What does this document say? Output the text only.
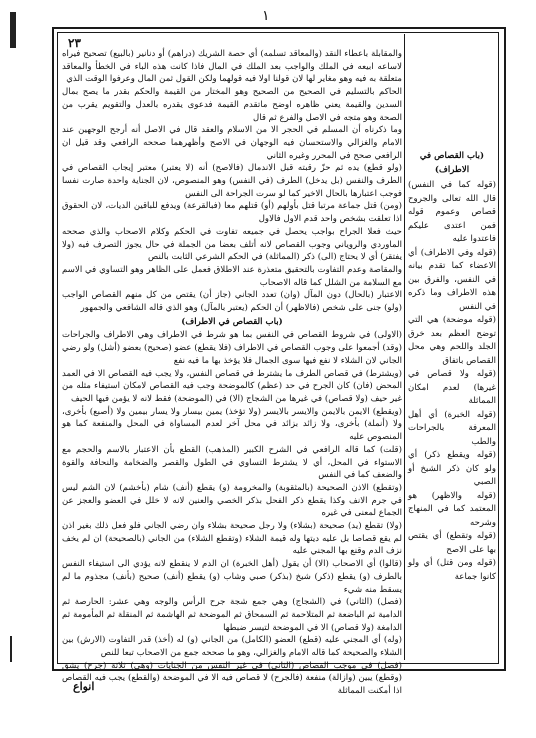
١
٢٣

والمقابلة باعطاء النقد (والمعاقد تسلمه) أي حصة الشريك (دراهم) أو دنانير (بالبيع) تصحيح فيراه لاساعه ابيعه في الملك والواجب بعد الملك في المال فاذا كانت هذه الباء في الخطأ والمعاقد متعلقة به فيه وهو مغاير لها لان قولنا اولا فيه قولهما ولكن القول ثمن المال وعرفوا الوقت الذي

الحاكم بالتسليم في الصحيح من الصحيح وهو المختار من القيمة والحكم بقدر ما يصح بمال السدين والقيمة يعني ظاهره اوضح ماتقدم القيمة فدعوى يقدره بالعدل والتقويم يقرب من الصحة وهو متجه في الاصل والفرع ثم قال

وما ذكرناه أن المسلم في الحجر الا من الاسلام والعقد قال في الاصل أنه أرجح الوجهين عند الامام والغزالي والاستحسان فيه الوجهان في الاصح وأظهرهما صححه الرافعي وقد قيل ان الرافعي صحح في المحرر وغيره الثاني

(ولو قطع) يده ثم حزّ رقبته قبل الاندمال (فالاصح) أنه (لا يعتبر) معتبر إيجاب القصاص في الطرف والنفس (بل يدخل) الطرف (في النفس) وهو المنصوص، لان الجناية واحدة صارت نفسا فوجب اعتبارها بالحال الاخير كما لو سرت الجراحة الى النفس

(ومن) قتل جماعة مرتبا قتل بأولهم (أو) قتلهم معا (فبالقرعة) ويدفع للباقين الديات، لان الحقوق اذا تعلقت بشخص واحد قدم الاول فالاول

حيث فعلا الجراح بواجب يحصل في جميعه تفاوت في الحكم وكلام الاصحاب والذي صححه الماوردي والروياني وجوب القصاص لانه أتلف بعضا من الجملة في حال يجوز التصرف فيه (ولا يفتقر) أي لا يحتاج (الى) ذكر (المماثلة) في الحكم الشرعي الثابت بالنص

والمقاصة وعدم التفاوت بالتحقيق متعذرة عند الاطلاق فعمل على الظاهر وهو التساوي في الاسم مع السلامة من الشلل كما قاله الاصحاب

الاعتبار (بالحال) دون المآل (وان) تعدد الجاني (جاز أن) يقتص من كل منهم القصاص الواجب (ولو) جنى على شخص (فالاظهر) أن الحكم (يعتبر بالمآل) وهو الذي قاله الشافعي والجمهور

(باب القصاص في الاطراف)

(الاولى) في شروط القصاص في النفس بما هو شرط في الاطراف وهي الاطراف والجراحات (وقد) أجمعوا على وجوب القصاص في الاطراف (فلا يقطع) عضو (صحيح) بعضو (أشل) ولو رضي الجاني لان الشلاء لا نفع فيها سوى الجمال فلا يؤخذ بها ما فيه نفع

(ويشترط) في قصاص الطرف ما يشترط في قصاص النفس، ولا يجب فيه القصاص الا في العمد المحض (فان) كان الجرح في حد (عظم) كالموضحة وجب فيه القصاص لامكان استيفاء مثله من غير حيف (ولا قصاص) في غيرها من الشجاج (الا) في (الموضحة) فقط لانه لا يؤمن فيها الحيف

(ويقطع) الايمن بالايمن والايسر بالايسر (ولا تؤخذ) يمين بيسار ولا يسار بيمين ولا (أصبع) بأخرى، ولا (أنملة) بأخرى، ولا زائد بزائد في محل آخر لعدم المساواة في المحل والمنفعة كما هو المنصوص عليه

(قلت) كما قاله الرافعي في الشرح الكبير (المذهب) القطع بأن الاعتبار بالاسم والحجم مع الاستواء في المحل، أي لا يشترط التساوي في الطول والقصر والضخامة والنحافة والقوة والضعف كما في النفس

(وتقطع) الاذن الصحيحة (بالمثقوبة) والمخرومة (و) يقطع (أنف) شام (بأخشم) لان الشم ليس في جرم الانف وكذا يقطع ذكر الفحل بذكر الخصي والعنين لانه لا خلل في العضو والعجز عن الجماع لمعنى في غيره

(ولا) تقطع (يد) صحيحة (بشلاء) ولا رجل صحيحة بشلاء وان رضي الجاني فلو فعل ذلك بغير اذن لم يقع قصاصا بل عليه ديتها وله قيمة الشلاء (وتقطع الشلاء) من الجاني (بالصحيحة) ان لم يخف نزف الدم وقنع بها المجني عليه

(قالوا) أي الاصحاب (الا) أن يقول (أهل الخبرة) ان الدم لا ينقطع لانه يؤدي الى استيفاء النفس بالطرف (و) يقطع (ذكر) شيخ (بذكر) صبي وشاب (و) يقطع (أنف) صحيح (بأنف) مجذوم ما لم يسقط منه شيء

(فصل) (الثاني) في (الشجاج) وهي جمع شجة جرح الرأس والوجه وهي عشر: الحارصة ثم الدامية ثم الباضعة ثم المتلاحمة ثم السمحاق ثم الموضحة ثم الهاشمة ثم المنقلة ثم المأمومة ثم الدامغة (ولا قصاص) الا في الموضحة لتيسر ضبطها

(وله) أي المجني عليه (قطع) العضو (الكامل) من الجاني (و) له (أخذ) قدر التفاوت (الارش) بين الشلاء والصحيحة كما قاله الامام والغزالي، وهو ما صححه جمع من الاصحاب تبعا للنص

(فصل) في موجب القصاص (الثاني) في غير النفس من الجنايات (وهي) ثلاثة (جرح) يشق (وقطع) يبين (وازالة) منفعة (فالجرح) لا قصاص فيه الا في الموضحة (والقطع) يجب فيه القصاص اذا أمكنت المماثلة

(باب القصاص في الاطراف)

(قوله كما في النفس) قال الله تعالى والجروح قصاص وعموم قوله فمن اعتدى عليكم فاعتدوا عليه

(قوله وفي الاطراف) أي الاعضاء كما تقدم بيانه في النفس، والفرق بين هذه الاطراف وما ذكره في النفس

(قوله موضحة) هي التي توضح العظم بعد خرق الجلد واللحم وهي محل القصاص باتفاق

(قوله ولا قصاص في غيرها) لعدم امكان المماثلة

(قوله الخبرة) أي أهل المعرفة بالجراحات والطب

(قوله ويقطع ذكر) أي ولو كان ذكر الشيخ أو الصبي

(قوله والاظهر) هو المعتمد كما في المنهاج وشرحه

(قوله وتقطع) أي يقتص بها على الاصح

(قوله ومن قتل) أي ولو كانوا جماعة

انواع
